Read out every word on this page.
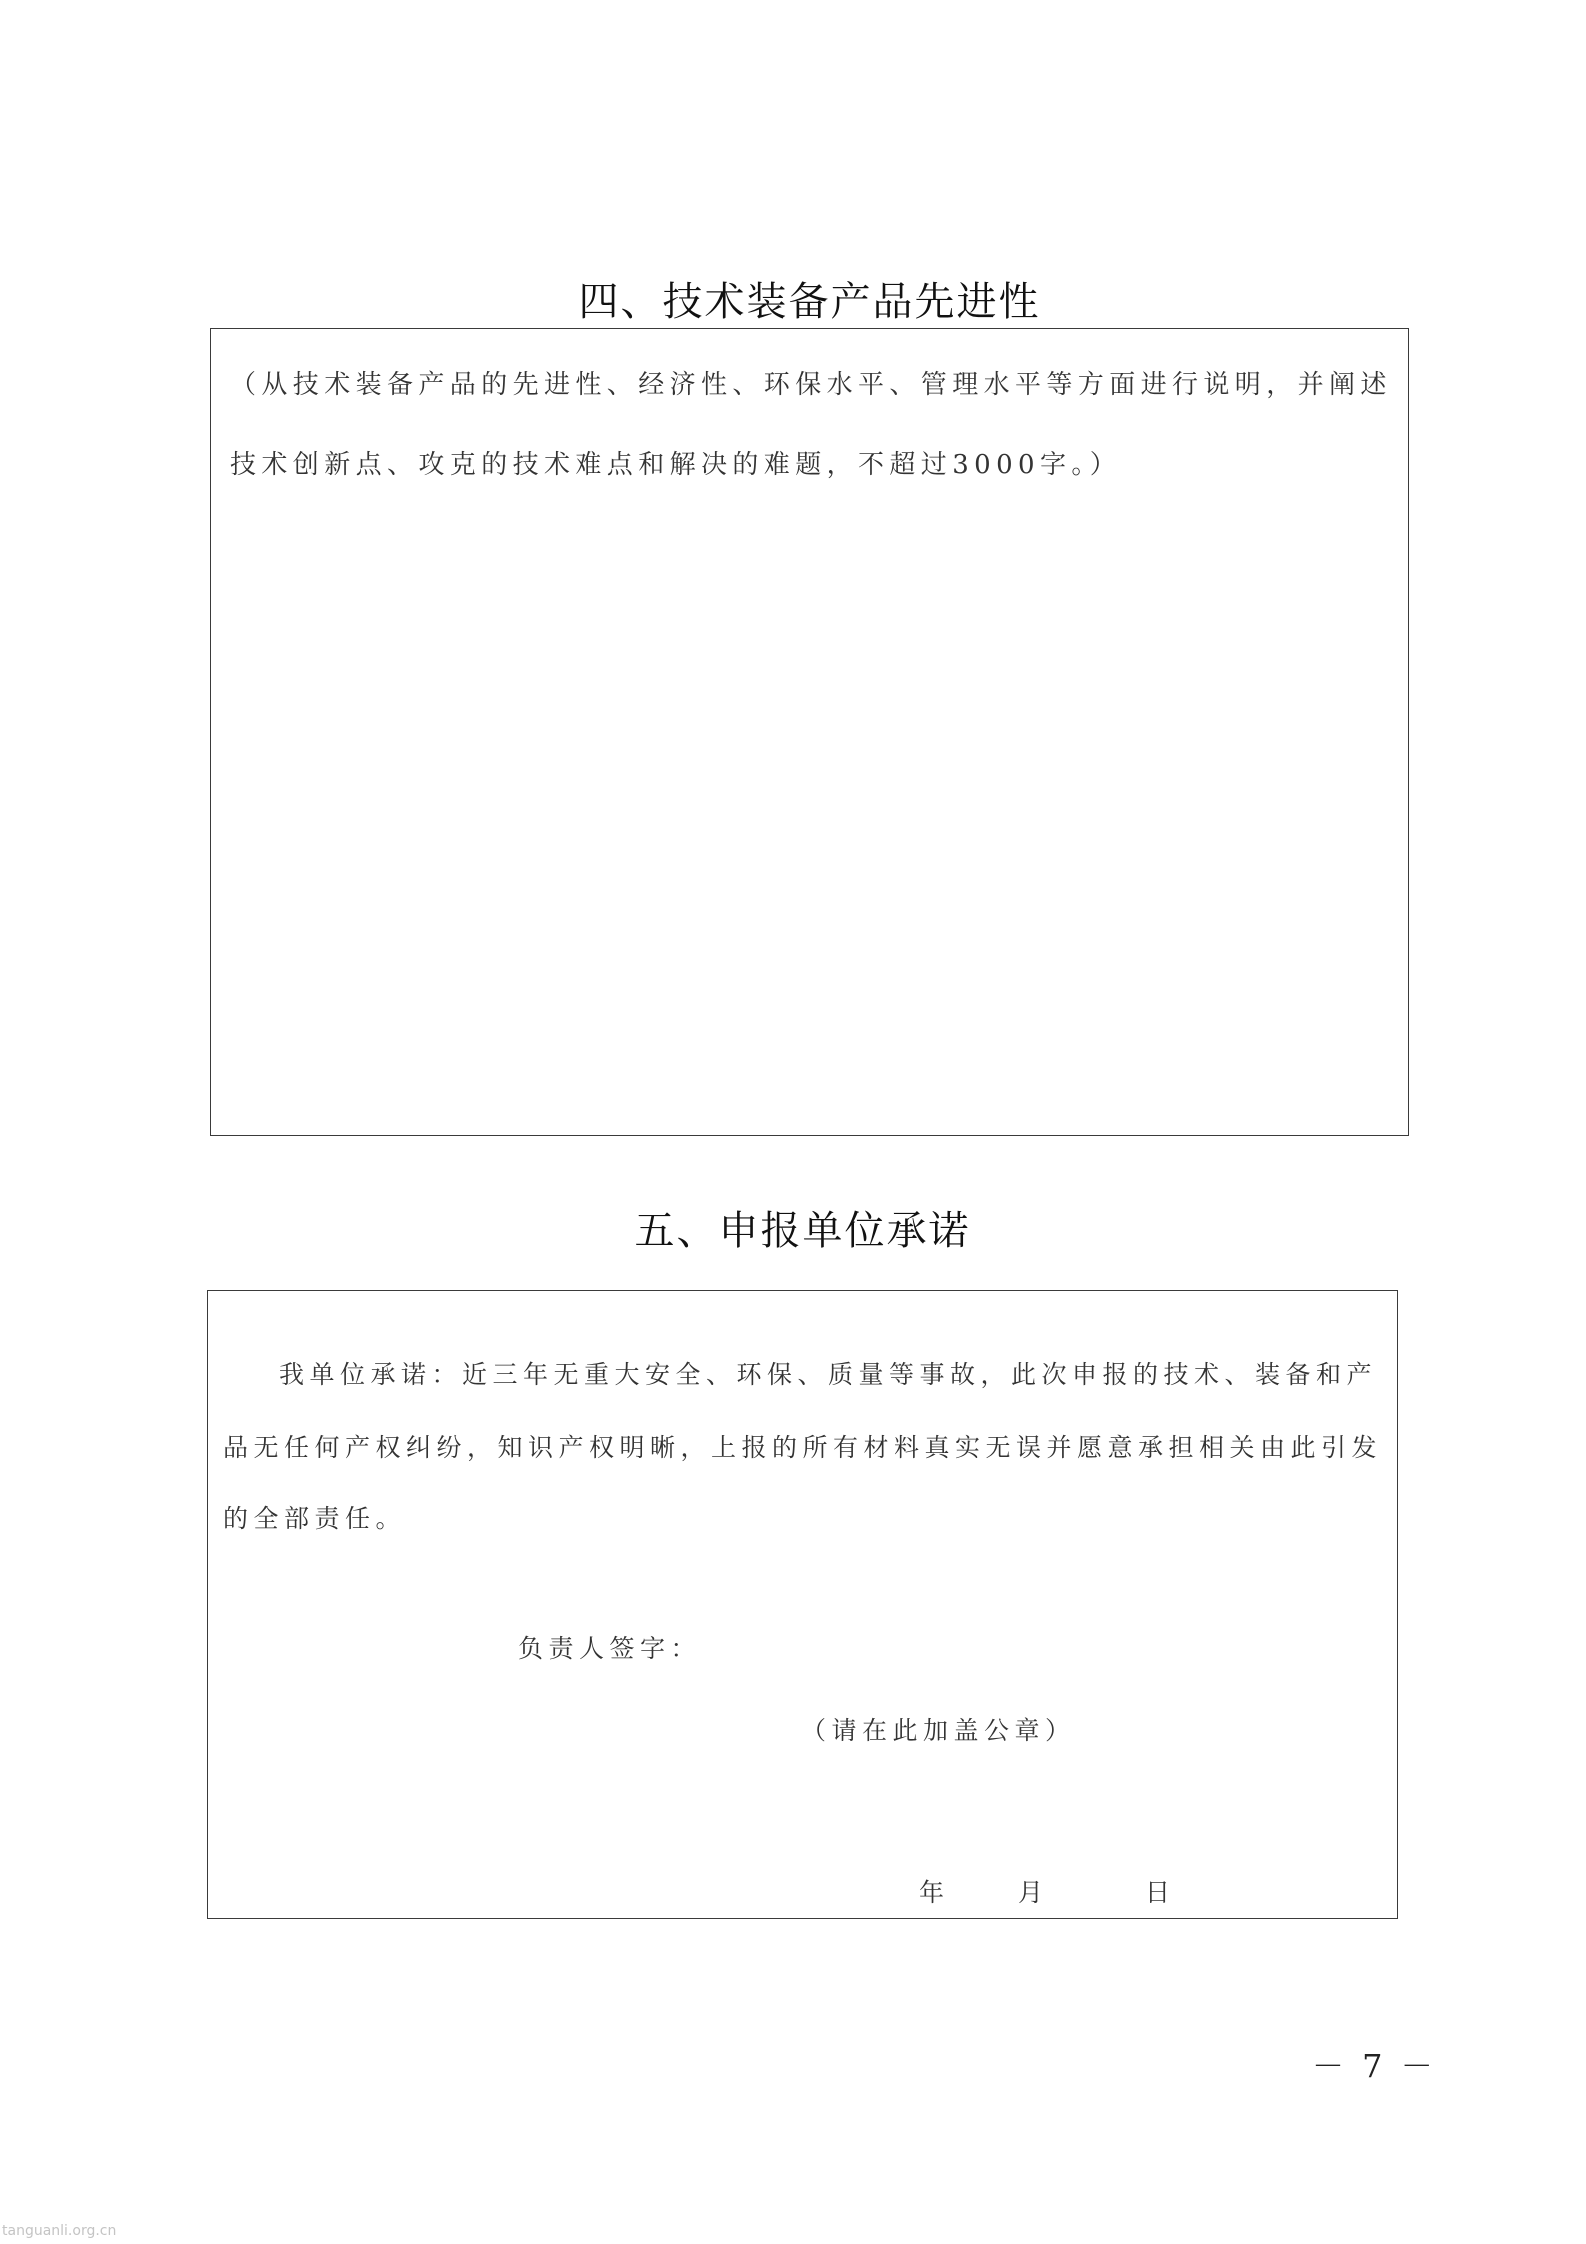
四、技术装备产品先进性
（从技术装备产品的先进性、经济性、环保水平、管理水平等方面进行说明，并阐述
技术创新点、攻克的技术难点和解决的难题，不超过3000字。）
五、申报单位承诺
我单位承诺：近三年无重大安全、环保、质量等事故，此次申报的技术、装备和产
品无任何产权纠纷，知识产权明晰，上报的所有材料真实无误并愿意承担相关由此引发
的全部责任。
负责人签字：
（请在此加盖公章）
年	月	日
－ 7 －
tanguanli.org.cn
